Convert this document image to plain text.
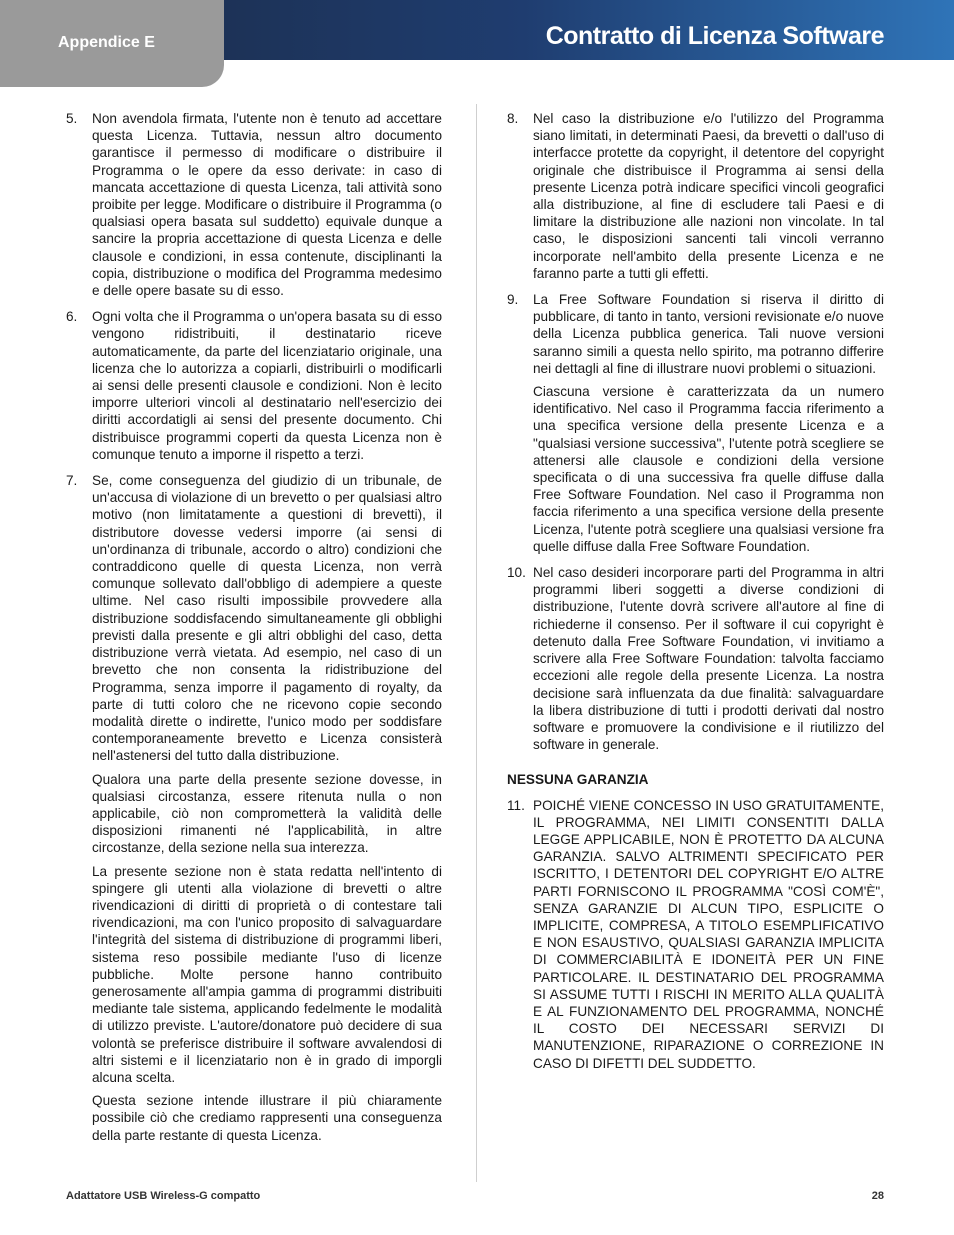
Appendice E	Contratto di Licenza Software
5.	Non avendola firmata, l'utente non è tenuto ad accettare questa Licenza. Tuttavia, nessun altro documento garantisce il permesso di modificare o distribuire il Programma o le opere da esso derivate: in caso di mancata accettazione di questa Licenza, tali attività sono proibite per legge. Modificare o distribuire il Programma (o qualsiasi opera basata sul suddetto) equivale dunque a sancire la propria accettazione di questa Licenza e delle clausole e condizioni, in essa contenute, disciplinanti la copia, distribuzione o modifica del Programma medesimo e delle opere basate su di esso.

6.	Ogni volta che il Programma o un'opera basata su di esso vengono ridistribuiti, il destinatario riceve automaticamente, da parte del licenziatario originale, una licenza che lo autorizza a copiarli, distribuirli o modificarli ai sensi delle presenti clausole e condizioni. Non è lecito imporre ulteriori vincoli al destinatario nell'esercizio dei diritti accordatigli ai sensi del presente documento. Chi distribuisce programmi coperti da questa Licenza non è comunque tenuto a imporne il rispetto a terzi.

7.	Se, come conseguenza del giudizio di un tribunale, de un'accusa di violazione di un brevetto o per qualsiasi altro motivo (non limitatamente a questioni di brevetti), il distributore dovesse vedersi imporre (ai sensi di un'ordinanza di tribunale, accordo o altro) condizioni che contraddicono quelle di questa Licenza, non verrà comunque sollevato dall'obbligo di adempiere a queste ultime. Nel caso risulti impossibile provvedere alla distribuzione soddisfacendo simultaneamente gli obblighi previsti dalla presente e gli altri obblighi del caso, detta distribuzione verrà vietata. Ad esempio, nel caso di un brevetto che non consenta la ridistribuzione del Programma, senza imporre il pagamento di royalty, da parte di tutti coloro che ne ricevono copie secondo modalità dirette o indirette, l'unico modo per soddisfare contemporaneamente brevetto e Licenza consisterà nell'astenersi del tutto dalla distribuzione.

Qualora una parte della presente sezione dovesse, in qualsiasi circostanza, essere ritenuta nulla o non applicabile, ciò non comprometterà la validità delle disposizioni rimanenti né l'applicabilità, in altre circostanze, della sezione nella sua interezza.

La presente sezione non è stata redatta nell'intento di spingere gli utenti alla violazione di brevetti o altre rivendicazioni di diritti di proprietà o di contestare tali rivendicazioni, ma con l'unico proposito di salvaguardare l'integrità del sistema di distribuzione di programmi liberi, sistema reso possibile mediante l'uso di licenze pubbliche. Molte persone hanno contribuito generosamente all'ampia gamma di programmi distribuiti mediante tale sistema, applicando fedelmente le modalità di utilizzo previste. L'autore/donatore può decidere di sua volontà se preferisce distribuire il software avvalendosi di altri sistemi e il licenziatario non è in grado di imporgli alcuna scelta.

Questa sezione intende illustrare il più chiaramente possibile ciò che crediamo rappresenti una conseguenza della parte restante di questa Licenza.

8.	Nel caso la distribuzione e/o l'utilizzo del Programma siano limitati, in determinati Paesi, da brevetti o dall'uso di interfacce protette da copyright, il detentore del copyright originale che distribuisce il Programma ai sensi della presente Licenza potrà indicare specifici vincoli geografici alla distribuzione, al fine di escludere tali Paesi e di limitare la distribuzione alle nazioni non vincolate. In tal caso, le disposizioni sancenti tali vincoli verranno incorporate nell'ambito della presente Licenza e ne faranno parte a tutti gli effetti.

9.	La Free Software Foundation si riserva il diritto di pubblicare, di tanto in tanto, versioni revisionate e/o nuove della Licenza pubblica generica. Tali nuove versioni saranno simili a questa nello spirito, ma potranno differire nei dettagli al fine di illustrare nuovi problemi o situazioni.

Ciascuna versione è caratterizzata da un numero identificativo. Nel caso il Programma faccia riferimento a una specifica versione della presente Licenza e a "qualsiasi versione successiva", l'utente potrà scegliere se attenersi alle clausole e condizioni della versione specificata o di una successiva fra quelle diffuse dalla Free Software Foundation. Nel caso il Programma non faccia riferimento a una specifica versione della presente Licenza, l'utente potrà scegliere una qualsiasi versione fra quelle diffuse dalla Free Software Foundation.

10. Nel caso desideri incorporare parti del Programma in altri programmi liberi soggetti a diverse condizioni di distribuzione, l'utente dovrà scrivere all'autore al fine di richiederne il consenso. Per il software il cui copyright è detenuto dalla Free Software Foundation, vi invitiamo a scrivere alla Free Software Foundation: talvolta facciamo eccezioni alle regole della presente Licenza. La nostra decisione sarà influenzata da due finalità: salvaguardare la libera distribuzione di tutti i prodotti derivati dal nostro software e promuovere la condivisione e il riutilizzo del software in generale.

NESSUNA GARANZIA
11. POICHÉ VIENE CONCESSO IN USO GRATUITAMENTE, IL PROGRAMMA, NEI LIMITI CONSENTITI DALLA LEGGE APPLICABILE, NON È PROTETTO DA ALCUNA GARANZIA. SALVO ALTRIMENTI SPECIFICATO PER ISCRITTO, I DETENTORI DEL COPYRIGHT E/O ALTRE PARTI FORNISCONO IL PROGRAMMA "COSÌ COM'È", SENZA GARANZIE DI ALCUN TIPO, ESPLICITE O IMPLICITE, COMPRESA, A TITOLO ESEMPLIFICATIVO E NON ESAUSTIVO, QUALSIASI GARANZIA IMPLICITA DI COMMERCIABILITÀ E IDONEITÀ PER UN FINE PARTICOLARE. IL DESTINATARIO DEL PROGRAMMA SI ASSUME TUTTI I RISCHI IN MERITO ALLA QUALITÀ E AL FUNZIONAMENTO DEL PROGRAMMA, NONCHÉ IL COSTO DEI NECESSARI SERVIZI DI MANUTENZIONE, RIPARAZIONE O CORREZIONE IN CASO DI DIFETTI DEL SUDDETTO.

Adattatore USB Wireless-G compatto	28
